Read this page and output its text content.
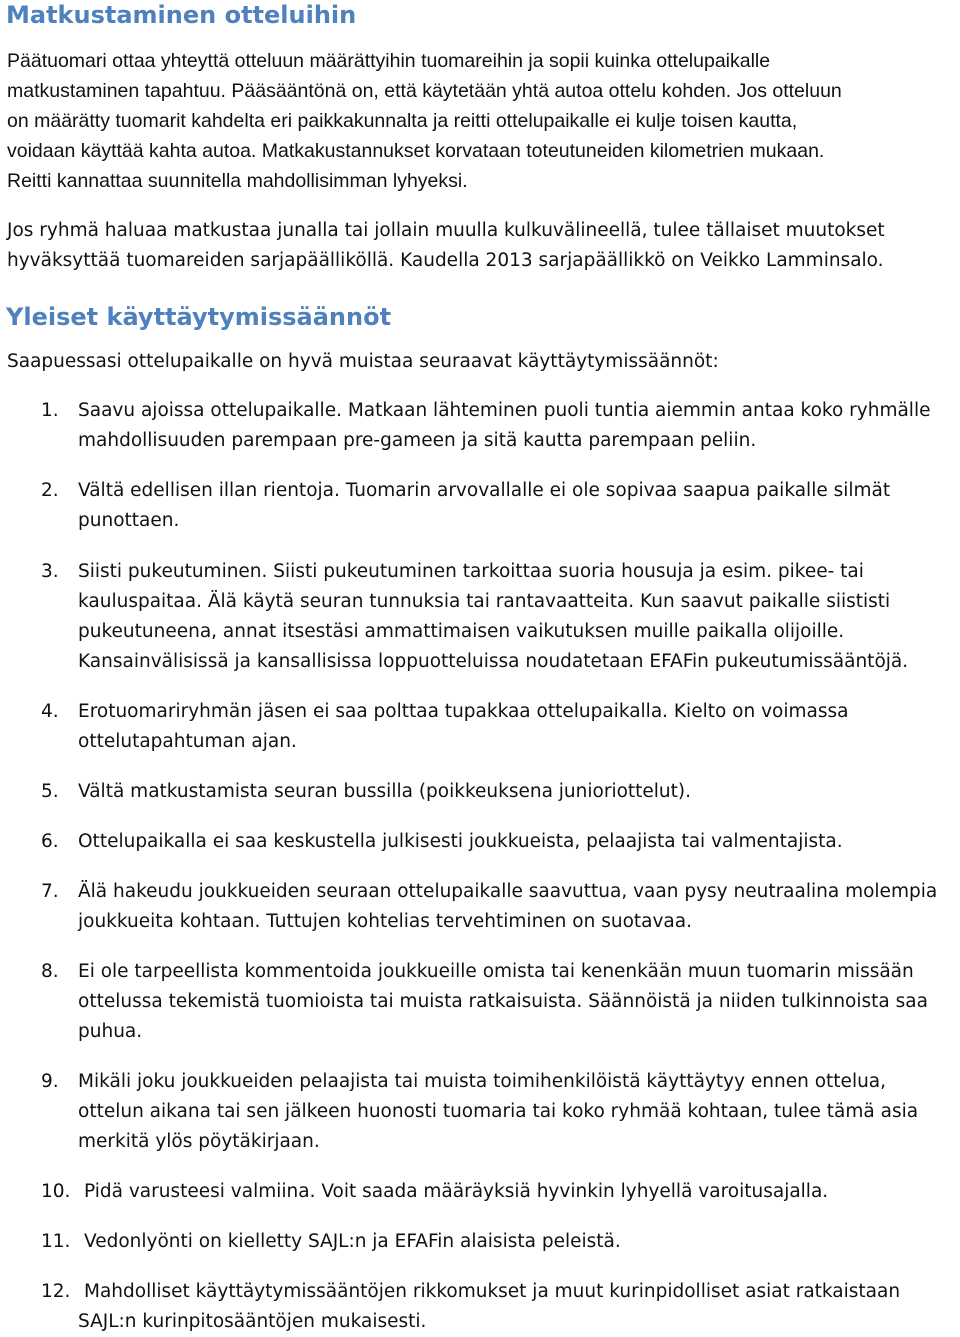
Matkustaminen otteluihin

Päätuomari ottaa yhteyttä otteluun määrättyihin tuomareihin ja sopii kuinka ottelupaikalle
matkustaminen tapahtuu. Pääsääntönä on, että käytetään yhtä autoa ottelu kohden. Jos otteluun
on määrätty tuomarit kahdelta eri paikkakunnalta ja reitti ottelupaikalle ei kulje toisen kautta,
voidaan käyttää kahta autoa. Matkakustannukset korvataan toteutuneiden kilometrien mukaan.
Reitti kannattaa suunnitella mahdollisimman lyhyeksi.

Jos ryhmä haluaa matkustaa junalla tai jollain muulla kulkuvälineellä, tulee tällaiset muutokset
hyväksyttää tuomareiden sarjapäälliköllä. Kaudella 2013 sarjapäällikkö on Veikko Lamminsalo.

Yleiset käyttäytymissäännöt

Saapuessasi ottelupaikalle on hyvä muistaa seuraavat käyttäytymissäännöt:

1. Saavu ajoissa ottelupaikalle. Matkaan lähteminen puoli tuntia aiemmin antaa koko ryhmälle
mahdollisuuden parempaan pre-gameen ja sitä kautta parempaan peliin.
2. Vältä edellisen illan rientoja. Tuomarin arvovallalle ei ole sopivaa saapua paikalle silmät
punottaen.
3. Siisti pukeutuminen. Siisti pukeutuminen tarkoittaa suoria housuja ja esim. pikee- tai
kauluspaitaa. Älä käytä seuran tunnuksia tai rantavaatteita. Kun saavut paikalle siististi
pukeutuneena, annat itsestäsi ammattimaisen vaikutuksen muille paikalla olijoille.
Kansainvälisissä ja kansallisissa loppuotteluissa noudatetaan EFAFin pukeutumissääntöjä.
4. Erotuomariryhmän jäsen ei saa polttaa tupakkaa ottelupaikalla. Kielto on voimassa
ottelutapahtuman ajan.
5. Vältä matkustamista seuran bussilla (poikkeuksena junioriottelut).
6. Ottelupaikalla ei saa keskustella julkisesti joukkueista, pelaajista tai valmentajista.
7. Älä hakeudu joukkueiden seuraan ottelupaikalle saavuttua, vaan pysy neutraalina molempia
joukkueita kohtaan. Tuttujen kohtelias tervehtiminen on suotavaa.
8. Ei ole tarpeellista kommentoida joukkueille omista tai kenenkään muun tuomarin missään
ottelussa tekemistä tuomioista tai muista ratkaisuista. Säännöistä ja niiden tulkinnoista saa
puhua.
9. Mikäli joku joukkueiden pelaajista tai muista toimihenkilöistä käyttäytyy ennen ottelua,
ottelun aikana tai sen jälkeen huonosti tuomaria tai koko ryhmää kohtaan, tulee tämä asia
merkitä ylös pöytäkirjaan.
10. Pidä varusteesi valmiina. Voit saada määräyksiä hyvinkin lyhyellä varoitusajalla.
11. Vedonlyönti on kielletty SAJL:n ja EFAFin alaisista peleistä.
12. Mahdolliset käyttäytymissääntöjen rikkomukset ja muut kurinpidolliset asiat ratkaistaan
SAJL:n kurinpitosääntöjen mukaisesti.
